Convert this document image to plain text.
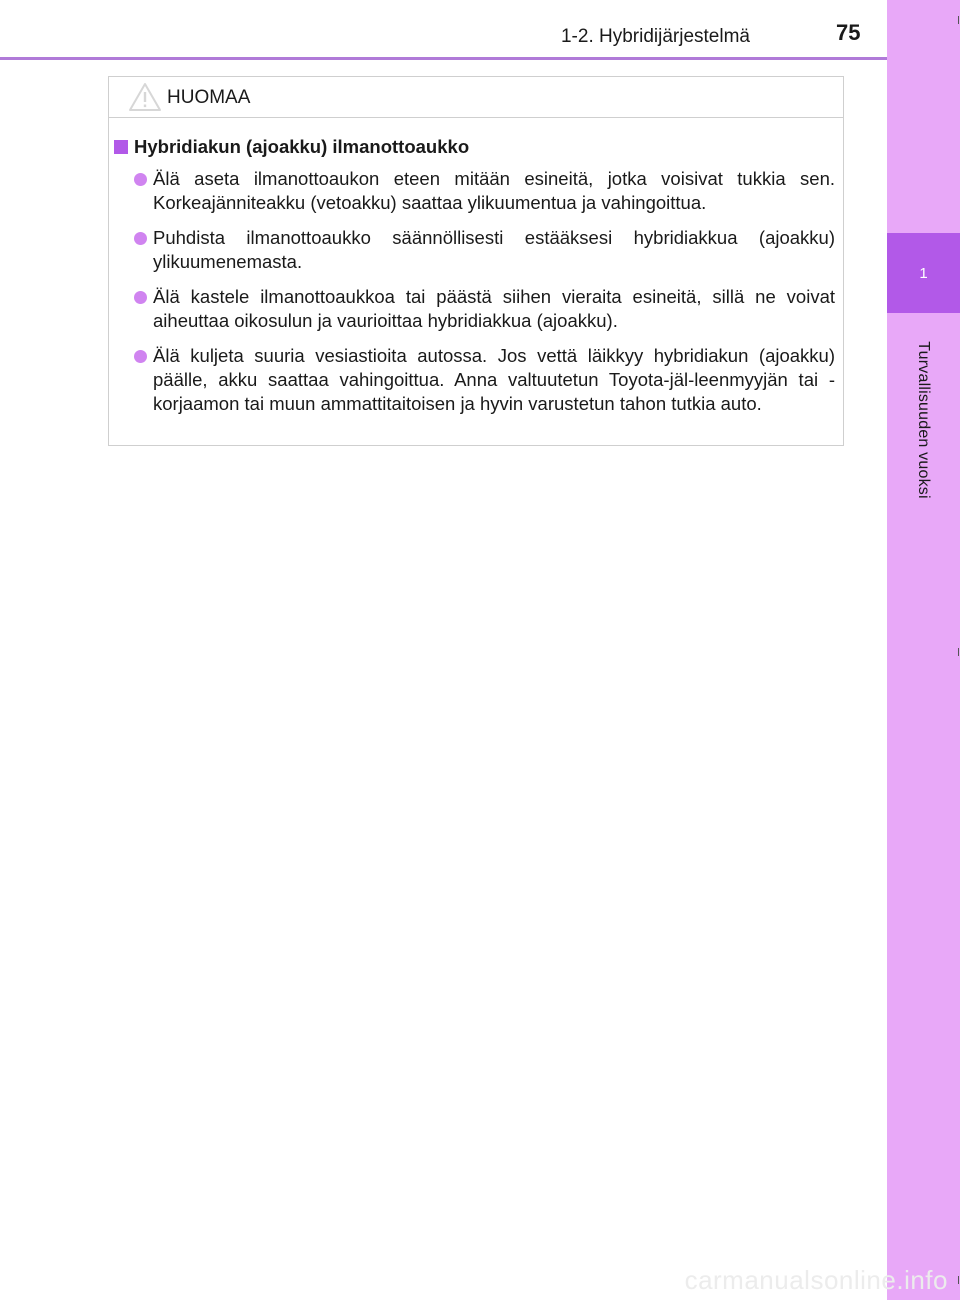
1-2. Hybridijärjestelmä	75
1
Turvallisuuden vuoksi
HUOMAA
Hybridiakun (ajoakku) ilmanottoaukko
Älä aseta ilmanottoaukon eteen mitään esineitä, jotka voisivat tukkia sen. Korkeajänniteakku (vetoakku) saattaa ylikuumentua ja vahingoittua.
Puhdista ilmanottoaukko säännöllisesti estääksesi hybridiakkua (ajoakku) ylikuumenemasta.
Älä kastele ilmanottoaukkoa tai päästä siihen vieraita esineitä, sillä ne voivat aiheuttaa oikosulun ja vaurioittaa hybridiakkua (ajoakku).
Älä kuljeta suuria vesiastioita autossa. Jos vettä läikkyy hybridiakun (ajoakku) päälle, akku saattaa vahingoittua. Anna valtuutetun Toyota-jäl-leenmyyjän tai -korjaamon tai muun ammattitaitoisen ja hyvin varustetun tahon tutkia auto.
carmanualsonline.info
